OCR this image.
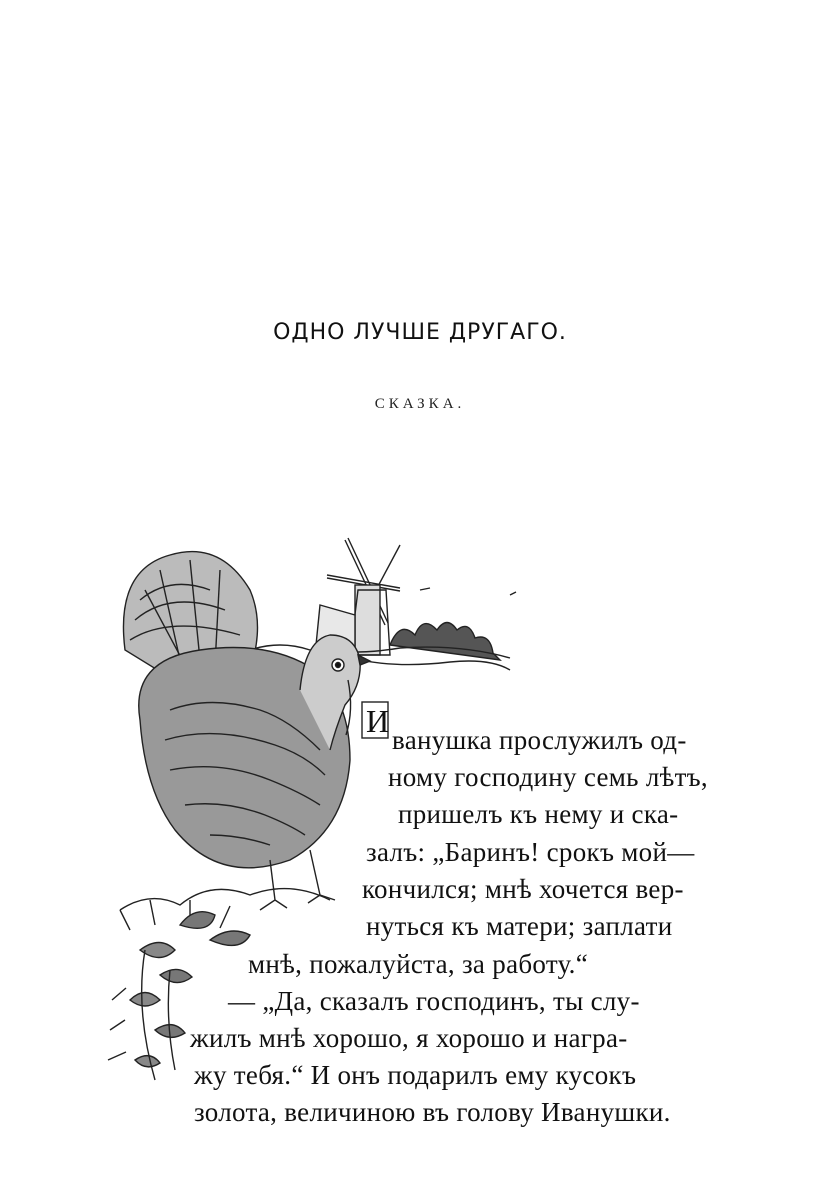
ОДНО ЛУЧШЕ ДРУГАГО.
СКАЗКА.
И
ванушка прослужилъ од-
ному господину семь лѣтъ,
пришелъ къ нему и ска-
залъ: „Баринъ! срокъ мой—
кончился; мнѣ хочется вер-
нуться къ матери; заплати
мнѣ, пожалуйста, за работу.“
— „Да, сказалъ господинъ, ты слу-
жилъ мнѣ хорошо, я хорошо и награ-
жу тебя.“ И онъ подарилъ ему кусокъ
золота, величиною въ голову Иванушки.
